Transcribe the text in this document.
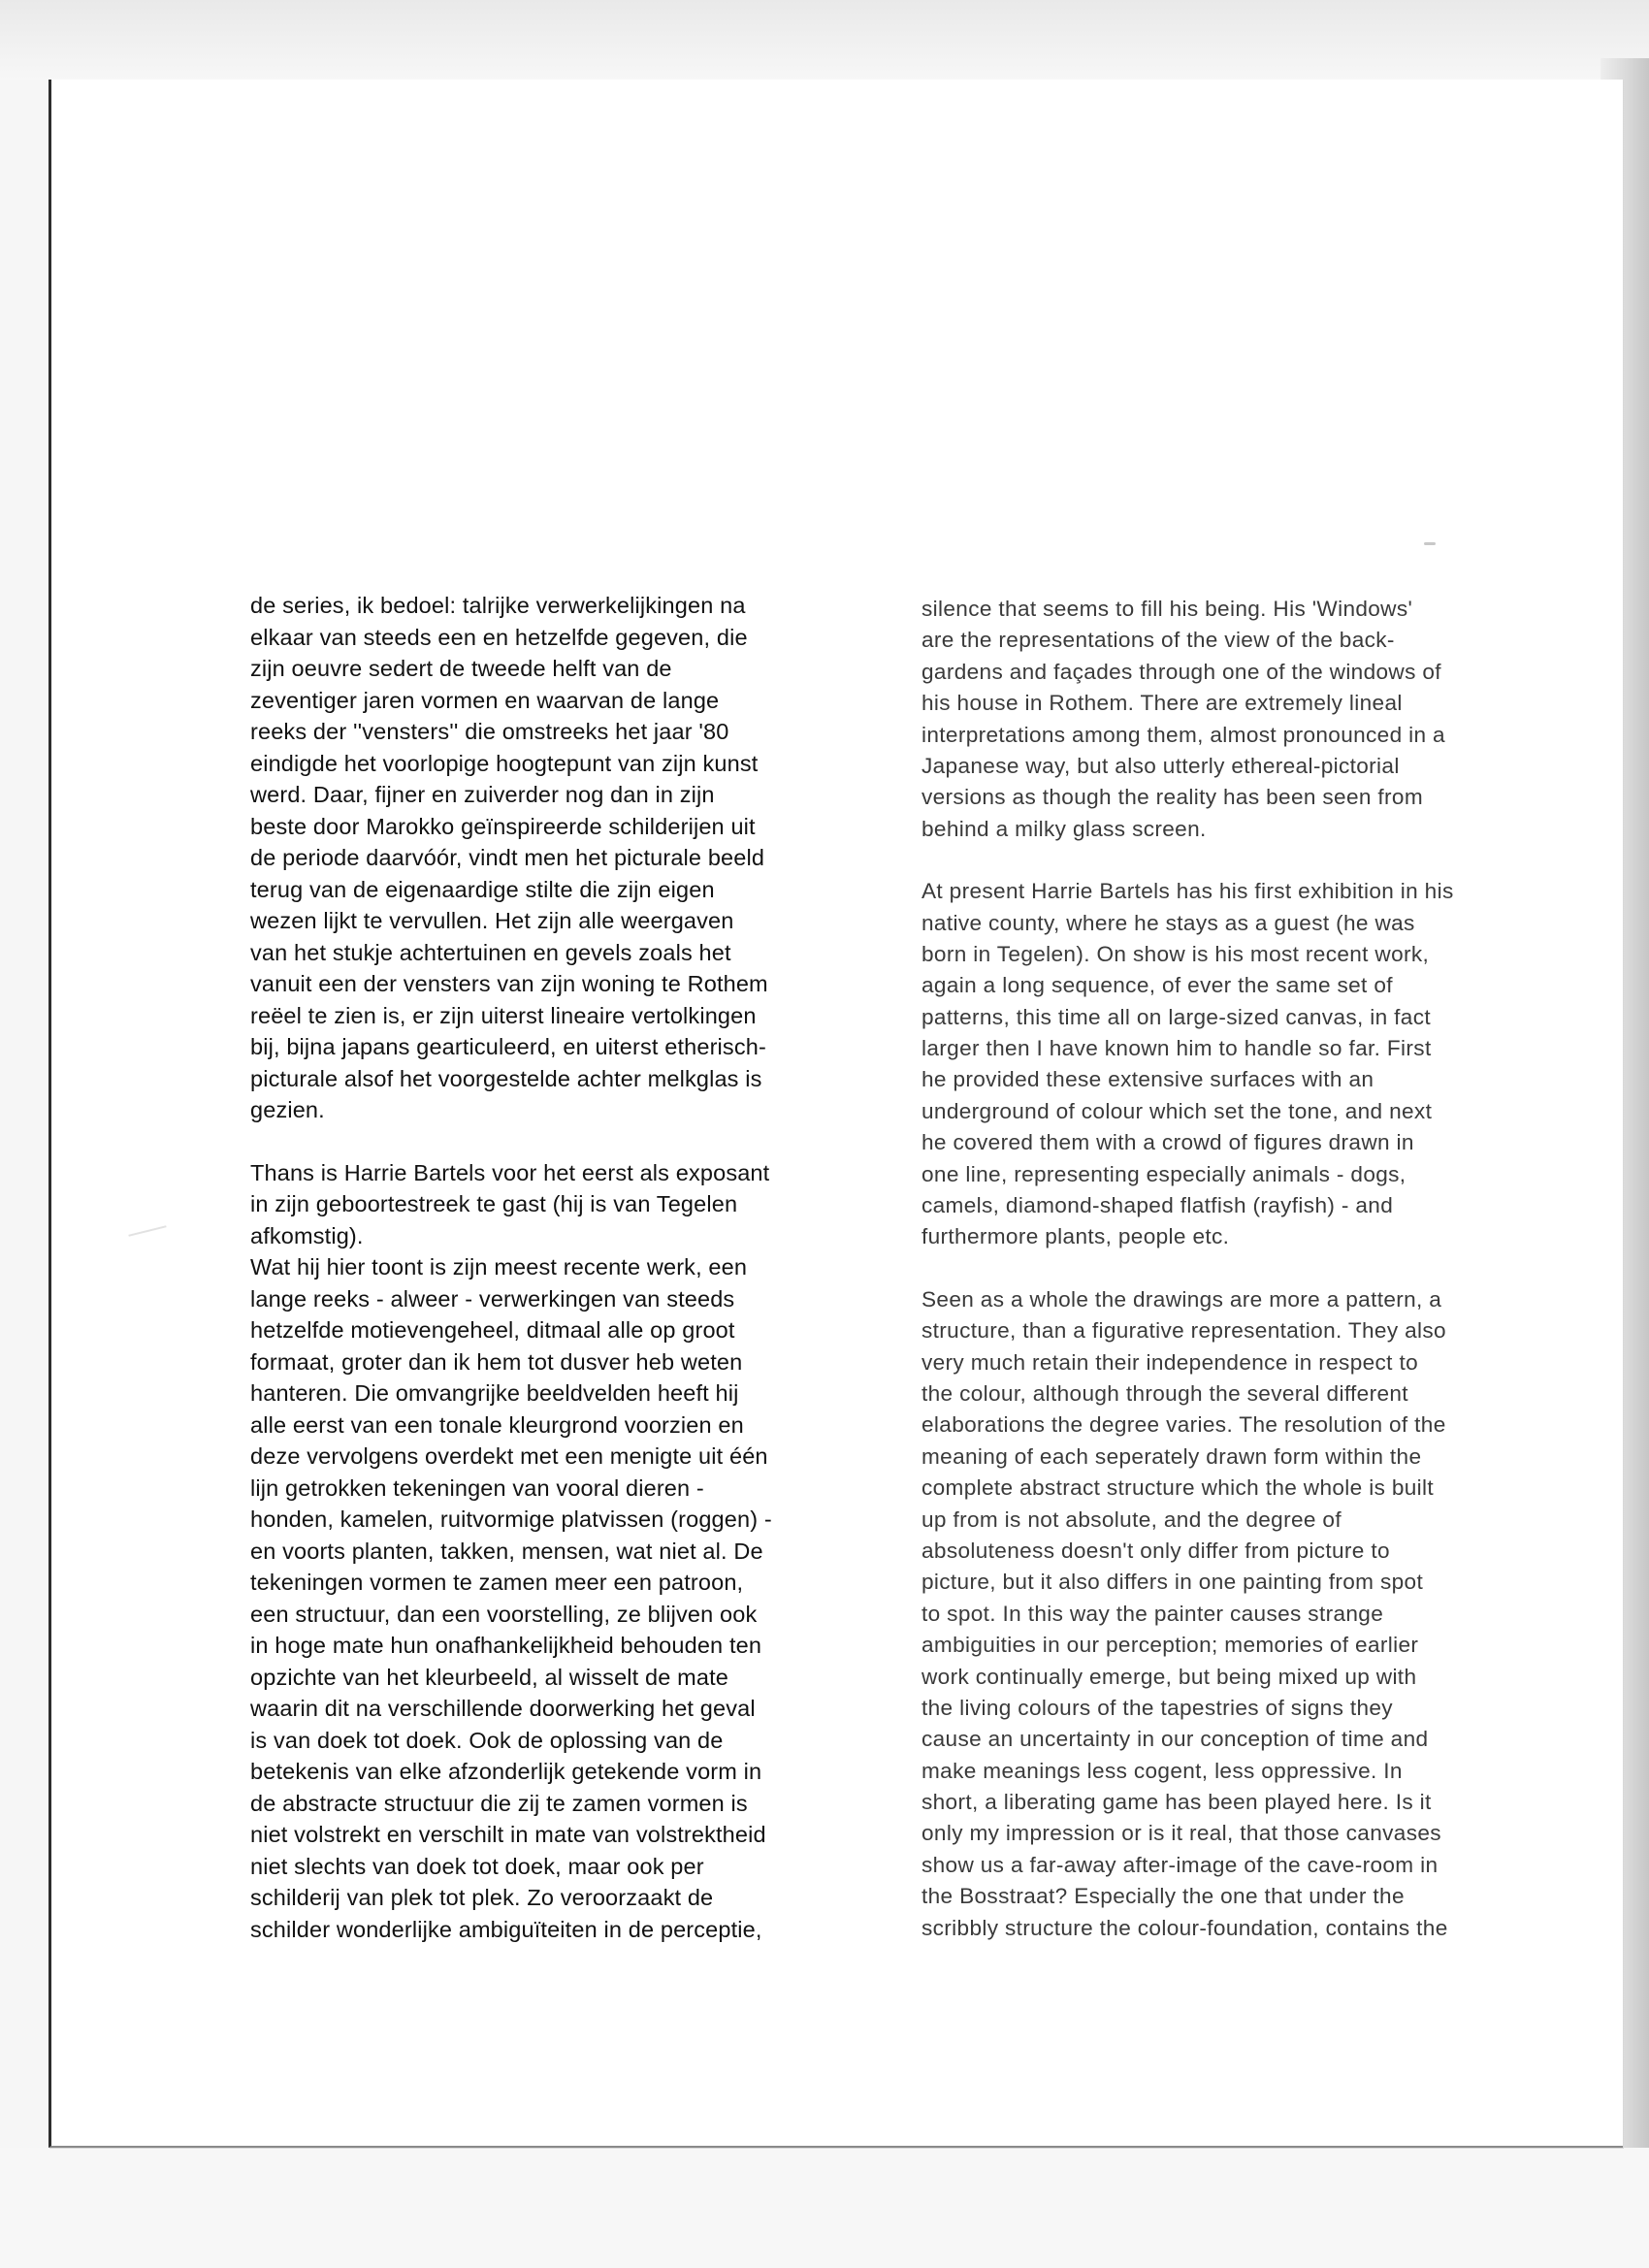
de series, ik bedoel: talrijke verwerkelijkingen na
elkaar van steeds een en hetzelfde gegeven, die
zijn oeuvre sedert de tweede helft van de
zeventiger jaren vormen en waarvan de lange
reeks der ''vensters'' die omstreeks het jaar '80
eindigde het voorlopige hoogtepunt van zijn kunst
werd. Daar, fijner en zuiverder nog dan in zijn
beste door Marokko geïnspireerde schilderijen uit
de periode daarvóór, vindt men het picturale beeld
terug van de eigenaardige stilte die zijn eigen
wezen lijkt te vervullen. Het zijn alle weergaven
van het stukje achtertuinen en gevels zoals het
vanuit een der vensters van zijn woning te Rothem
reëel te zien is, er zijn uiterst lineaire vertolkingen
bij, bijna japans gearticuleerd, en uiterst etherisch-
picturale alsof het voorgestelde achter melkglas is
gezien.
Thans is Harrie Bartels voor het eerst als exposant
in zijn geboortestreek te gast (hij is van Tegelen
afkomstig).
Wat hij hier toont is zijn meest recente werk, een
lange reeks - alweer - verwerkingen van steeds
hetzelfde motievengeheel, ditmaal alle op groot
formaat, groter dan ik hem tot dusver heb weten
hanteren. Die omvangrijke beeldvelden heeft hij
alle eerst van een tonale kleurgrond voorzien en
deze vervolgens overdekt met een menigte uit één
lijn getrokken tekeningen van vooral dieren -
honden, kamelen, ruitvormige platvissen (roggen) -
en voorts planten, takken, mensen, wat niet al. De
tekeningen vormen te zamen meer een patroon,
een structuur, dan een voorstelling, ze blijven ook
in hoge mate hun onafhankelijkheid behouden ten
opzichte van het kleurbeeld, al wisselt de mate
waarin dit na verschillende doorwerking het geval
is van doek tot doek. Ook de oplossing van de
betekenis van elke afzonderlijk getekende vorm in
de abstracte structuur die zij te zamen vormen is
niet volstrekt en verschilt in mate van volstrektheid
niet slechts van doek tot doek, maar ook per
schilderij van plek tot plek. Zo veroorzaakt de
schilder wonderlijke ambiguïteiten in de perceptie,
silence that seems to fill his being. His 'Windows'
are the representations of the view of the back-
gardens and façades through one of the windows of
his house in Rothem. There are extremely lineal
interpretations among them, almost pronounced in a
Japanese way, but also utterly ethereal-pictorial
versions as though the reality has been seen from
behind a milky glass screen.
At present Harrie Bartels has his first exhibition in his
native county, where he stays as a guest (he was
born in Tegelen). On show is his most recent work,
again a long sequence, of ever the same set of
patterns, this time all on large-sized canvas, in fact
larger then I have known him to handle so far. First
he provided these extensive surfaces with an
underground of colour which set the tone, and next
he covered them with a crowd of figures drawn in
one line, representing especially animals - dogs,
camels, diamond-shaped flatfish (rayfish) - and
furthermore plants, people etc.
Seen as a whole the drawings are more a pattern, a
structure, than a figurative representation. They also
very much retain their independence in respect to
the colour, although through the several different
elaborations the degree varies. The resolution of the
meaning of each seperately drawn form within the
complete abstract structure which the whole is built
up from is not absolute, and the degree of
absoluteness doesn't only differ from picture to
picture, but it also differs in one painting from spot
to spot. In this way the painter causes strange
ambiguities in our perception; memories of earlier
work continually emerge, but being mixed up with
the living colours of the tapestries of signs they
cause an uncertainty in our conception of time and
make meanings less cogent, less oppressive. In
short, a liberating game has been played here. Is it
only my impression or is it real, that those canvases
show us a far-away after-image of the cave-room in
the Bosstraat? Especially the one that under the
scribbly structure the colour-foundation, contains the
